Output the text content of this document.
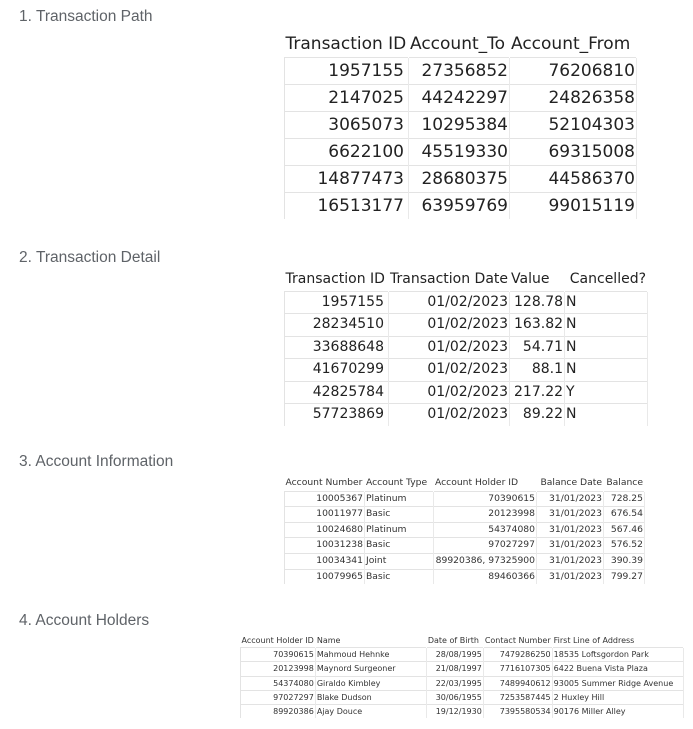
1. Transaction Path
2. Transaction Detail
3. Account Information
4. Account Holders
Transaction ID	Account_To	Account_From
1957155	27356852	76206810
2147025	44242297	24826358
3065073	10295384	52104303
6622100	45519330	69315008
14877473	28680375	44586370
16513177	63959769	99015119
Transaction ID	Transaction Date	Value	Cancelled?
1957155	01/02/2023	128.78	N
28234510	01/02/2023	163.82	N
33688648	01/02/2023	54.71	N
41670299	01/02/2023	88.1	N
42825784	01/02/2023	217.22	Y
57723869	01/02/2023	89.22	N
Account Number	Account Type	Account Holder ID	Balance Date	Balance
10005367	Platinum	70390615	31/01/2023	728.25
10011977	Basic	20123998	31/01/2023	676.54
10024680	Platinum	54374080	31/01/2023	567.46
10031238	Basic	97027297	31/01/2023	576.52
10034341	Joint	89920386, 97325900	31/01/2023	390.39
10079965	Basic	89460366	31/01/2023	799.27
Account Holder ID	Name	Date of Birth	Contact Number	First Line of Address
70390615	Mahmoud Hehnke	28/08/1995	7479286250	18535 Loftsgordon Park
20123998	Maynord Surgeoner	21/08/1997	7716107305	6422 Buena Vista Plaza
54374080	Giraldo Kimbley	22/03/1995	7489940612	93005 Summer Ridge Avenue
97027297	Blake Dudson	30/06/1955	7253587445	2 Huxley Hill
89920386	Ajay Douce	19/12/1930	7395580534	90176 Miller Alley
